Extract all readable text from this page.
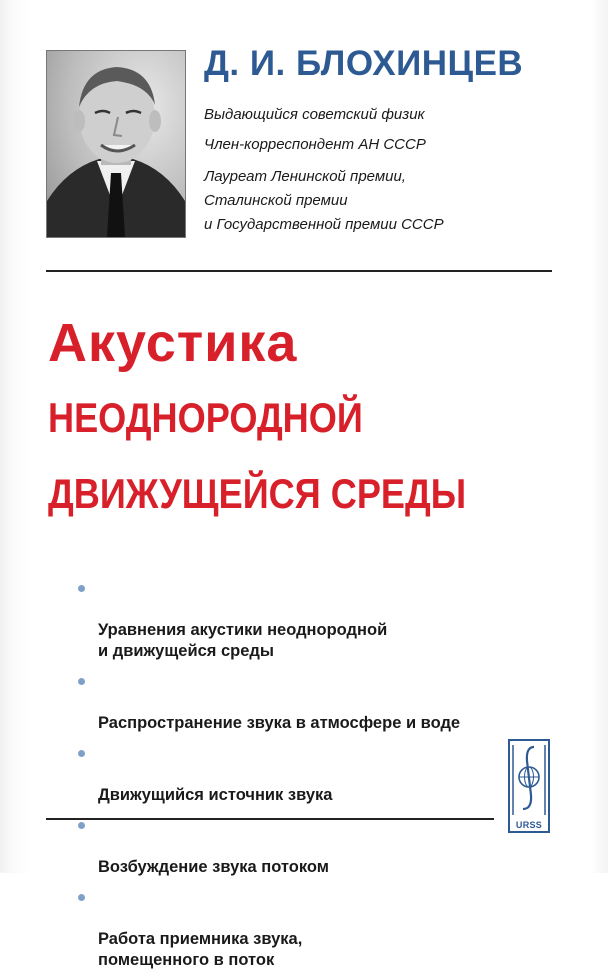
Д. И. БЛОХИНЦЕВ
Выдающийся советский физик
Член-корреспондент АН СССР
Лауреат Ленинской премии,
Сталинской премии
и Государственной премии СССР
Акустика
НЕОДНОРОДНОЙ
ДВИЖУЩЕЙСЯ СРЕДЫ

Уравнения акустики неоднородной
и движущейся среды

Распространение звука в атмосфере и воде

Движущийся источник звука

Возбуждение звука потоком

Работа приемника звука,
помещенного в поток

URSS
